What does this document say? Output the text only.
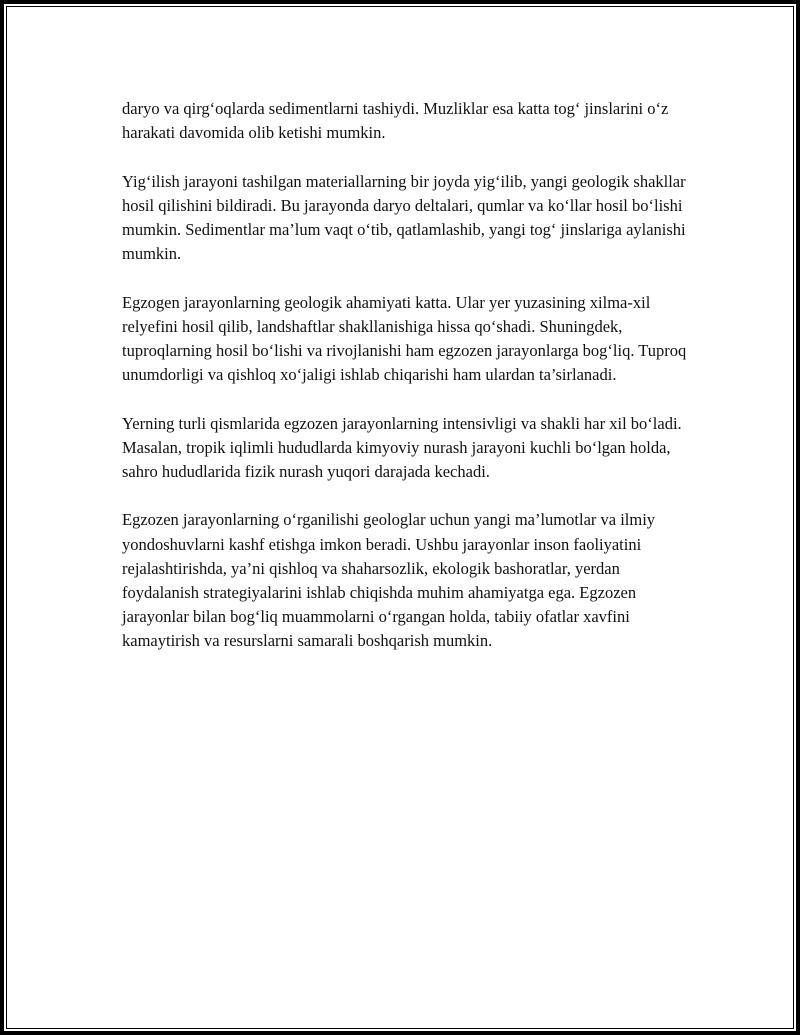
daryo va qirg‘oqlarda sedimentlarni tashiydi. Muzliklar esa katta tog‘ jinslarini o‘z harakati davomida olib ketishi mumkin.

Yig‘ilish jarayoni tashilgan materiallarning bir joyda yig‘ilib, yangi geologik shakllar hosil qilishini bildiradi. Bu jarayonda daryo deltalari, qumlar va ko‘llar hosil bo‘lishi mumkin. Sedimentlar ma’lum vaqt o‘tib, qatlamlashib, yangi tog‘ jinslariga aylanishi mumkin.

Egzogen jarayonlarning geologik ahamiyati katta. Ular yer yuzasining xilma-xil relyefini hosil qilib, landshaftlar shakllanishiga hissa qo‘shadi. Shuningdek, tuproqlarning hosil bo‘lishi va rivojlanishi ham egzozen jarayonlarga bog‘liq. Tuproq unumdorligi va qishloq xo‘jaligi ishlab chiqarishi ham ulardan ta’sirlanadi.

Yerning turli qismlarida egzozen jarayonlarning intensivligi va shakli har xil bo‘ladi. Masalan, tropik iqlimli hududlarda kimyoviy nurash jarayoni kuchli bo‘lgan holda, sahro hududlarida fizik nurash yuqori darajada kechadi.

Egzozen jarayonlarning o‘rganilishi geologlar uchun yangi ma’lumotlar va ilmiy yondoshuvlarni kashf etishga imkon beradi. Ushbu jarayonlar inson faoliyatini rejalashtirishda, ya’ni qishloq va shaharsozlik, ekologik bashoratlar, yerdan foydalanish strategiyalarini ishlab chiqishda muhim ahamiyatga ega. Egzozen jarayonlar bilan bog‘liq muammolarni o‘rgangan holda, tabiiy ofatlar xavfini kamaytirish va resurslarni samarali boshqarish mumkin.
